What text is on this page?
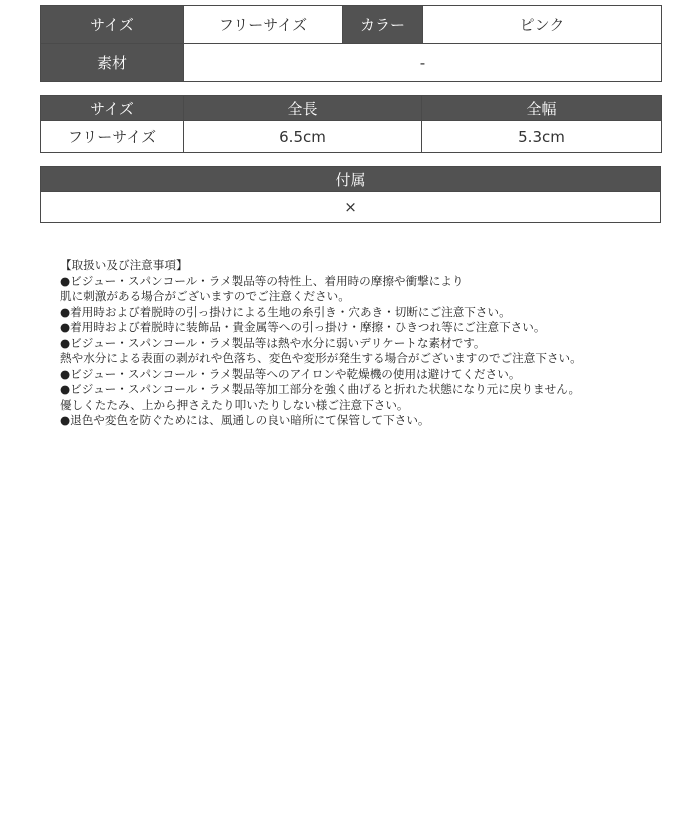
サイズ	フリーサイズ	カラー	ピンク
素材	-		
サイズ	全長	全幅
フリーサイズ	6.5cm	5.3cm
付属
×

【取扱い及び注意事項】

●ビジュー・スパンコール・ラメ製品等の特性上、着用時の摩擦や衝撃により

肌に刺激がある場合がございますのでご注意ください。

●着用時および着脱時の引っ掛けによる生地の糸引き・穴あき・切断にご注意下さい。

●着用時および着脱時に装飾品・貴金属等への引っ掛け・摩擦・ひきつれ等にご注意下さい。

●ビジュー・スパンコール・ラメ製品等は熱や水分に弱いデリケートな素材です。

熱や水分による表面の剥がれや色落ち、変色や変形が発生する場合がございますのでご注意下さい。

●ビジュー・スパンコール・ラメ製品等へのアイロンや乾燥機の使用は避けてください。

●ビジュー・スパンコール・ラメ製品等加工部分を強く曲げると折れた状態になり元に戻りません。

優しくたたみ、上から押さえたり叩いたりしない様ご注意下さい。

●退色や変色を防ぐためには、風通しの良い暗所にて保管して下さい。
